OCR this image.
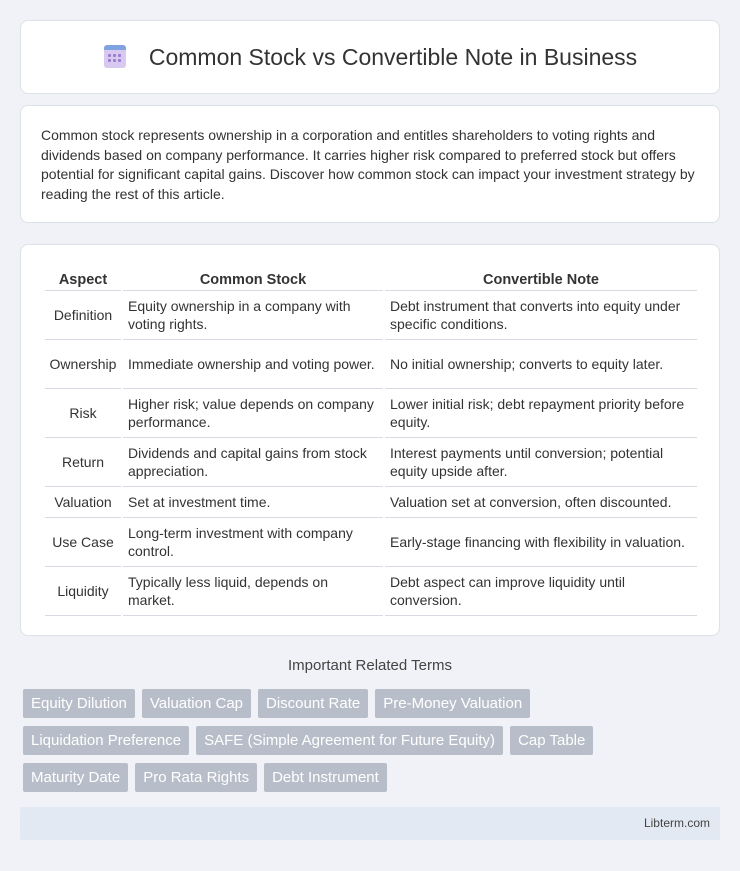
Common Stock vs Convertible Note in Business

Common stock represents ownership in a corporation and entitles shareholders to voting rights and dividends based on company performance. It carries higher risk compared to preferred stock but offers potential for significant capital gains. Discover how common stock can impact your investment strategy by reading the rest of this article.

Aspect	Common Stock	Convertible Note
Definition	Equity ownership in a company with voting rights.	Debt instrument that converts into equity under specific conditions.
Ownership	Immediate ownership and voting power.	No initial ownership; converts to equity later.
Risk	Higher risk; value depends on company performance.	Lower initial risk; debt repayment priority before equity.
Return	Dividends and capital gains from stock appreciation.	Interest payments until conversion; potential equity upside after.
Valuation	Set at investment time.	Valuation set at conversion, often discounted.
Use Case	Long-term investment with company control.	Early-stage financing with flexibility in valuation.
Liquidity	Typically less liquid, depends on market.	Debt aspect can improve liquidity until conversion.
Important Related Terms
Equity Dilution	Valuation Cap	Discount Rate	Pre-Money Valuation
Liquidation Preference	SAFE (Simple Agreement for Future Equity)	Cap Table
Maturity Date	Pro Rata Rights	Debt Instrument
Libterm.com
